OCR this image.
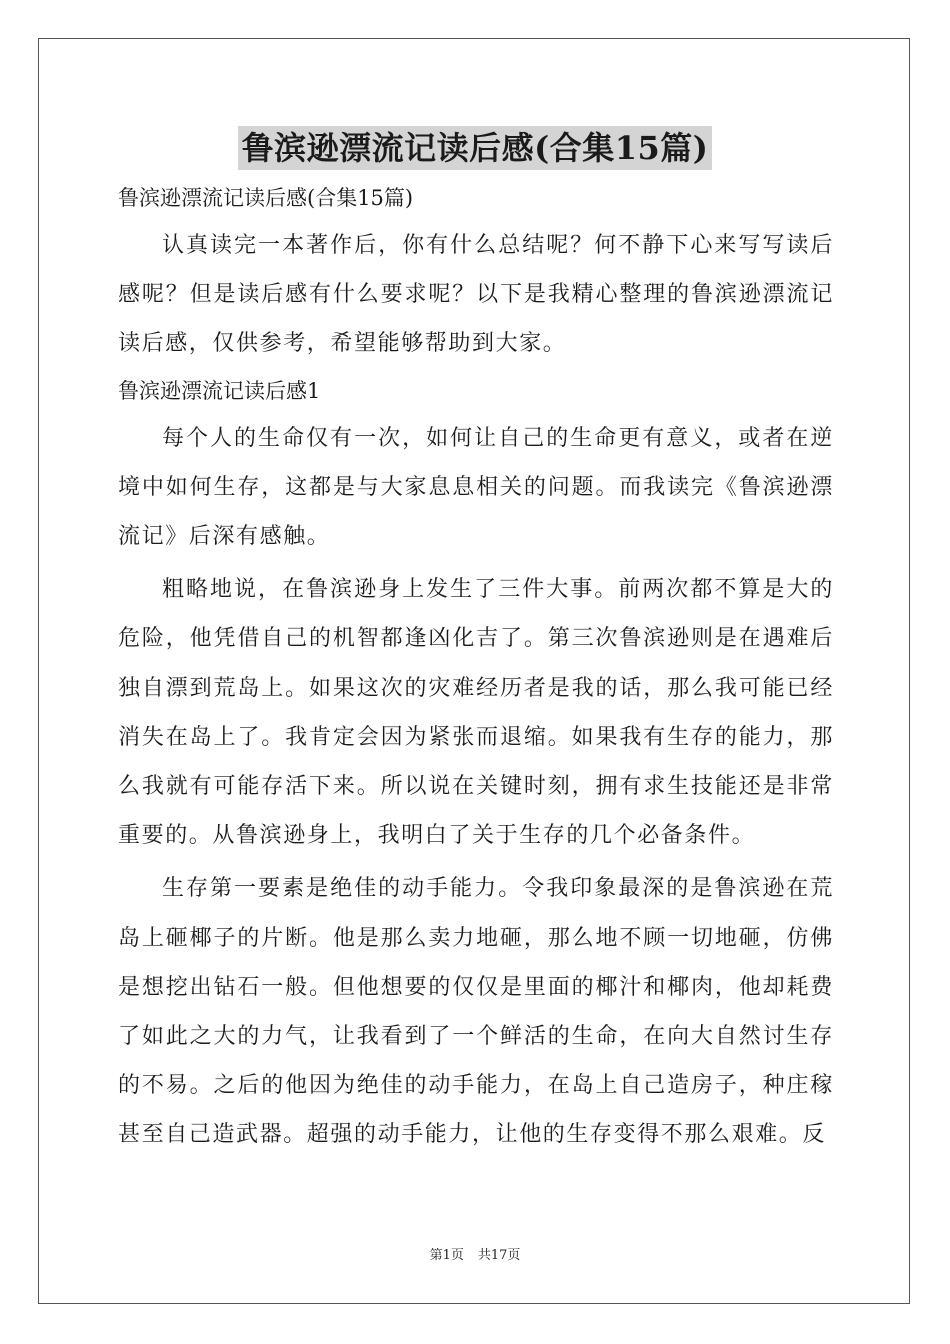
鲁滨逊漂流记读后感(合集15篇)
鲁滨逊漂流记读后感(合集15篇)

认真读完一本著作后，你有什么总结呢？何不静下心来写写读后感呢？但是读后感有什么要求呢？以下是我精心整理的鲁滨逊漂流记读后感，仅供参考，希望能够帮助到大家。

鲁滨逊漂流记读后感1

每个人的生命仅有一次，如何让自己的生命更有意义，或者在逆境中如何生存，这都是与大家息息相关的问题。而我读完《鲁滨逊漂流记》后深有感触。

粗略地说，在鲁滨逊身上发生了三件大事。前两次都不算是大的危险，他凭借自己的机智都逢凶化吉了。第三次鲁滨逊则是在遇难后独自漂到荒岛上。如果这次的灾难经历者是我的话，那么我可能已经消失在岛上了。我肯定会因为紧张而退缩。如果我有生存的能力，那么我就有可能存活下来。所以说在关键时刻，拥有求生技能还是非常重要的。从鲁滨逊身上，我明白了关于生存的几个必备条件。

生存第一要素是绝佳的动手能力。令我印象最深的是鲁滨逊在荒岛上砸椰子的片断。他是那么卖力地砸，那么地不顾一切地砸，仿佛是想挖出钻石一般。但他想要的仅仅是里面的椰汁和椰肉，他却耗费了如此之大的力气，让我看到了一个鲜活的生命，在向大自然讨生存的不易。之后的他因为绝佳的动手能力，在岛上自己造房子，种庄稼甚至自己造武器。超强的动手能力，让他的生存变得不那么艰难。反

第1页 共17页
